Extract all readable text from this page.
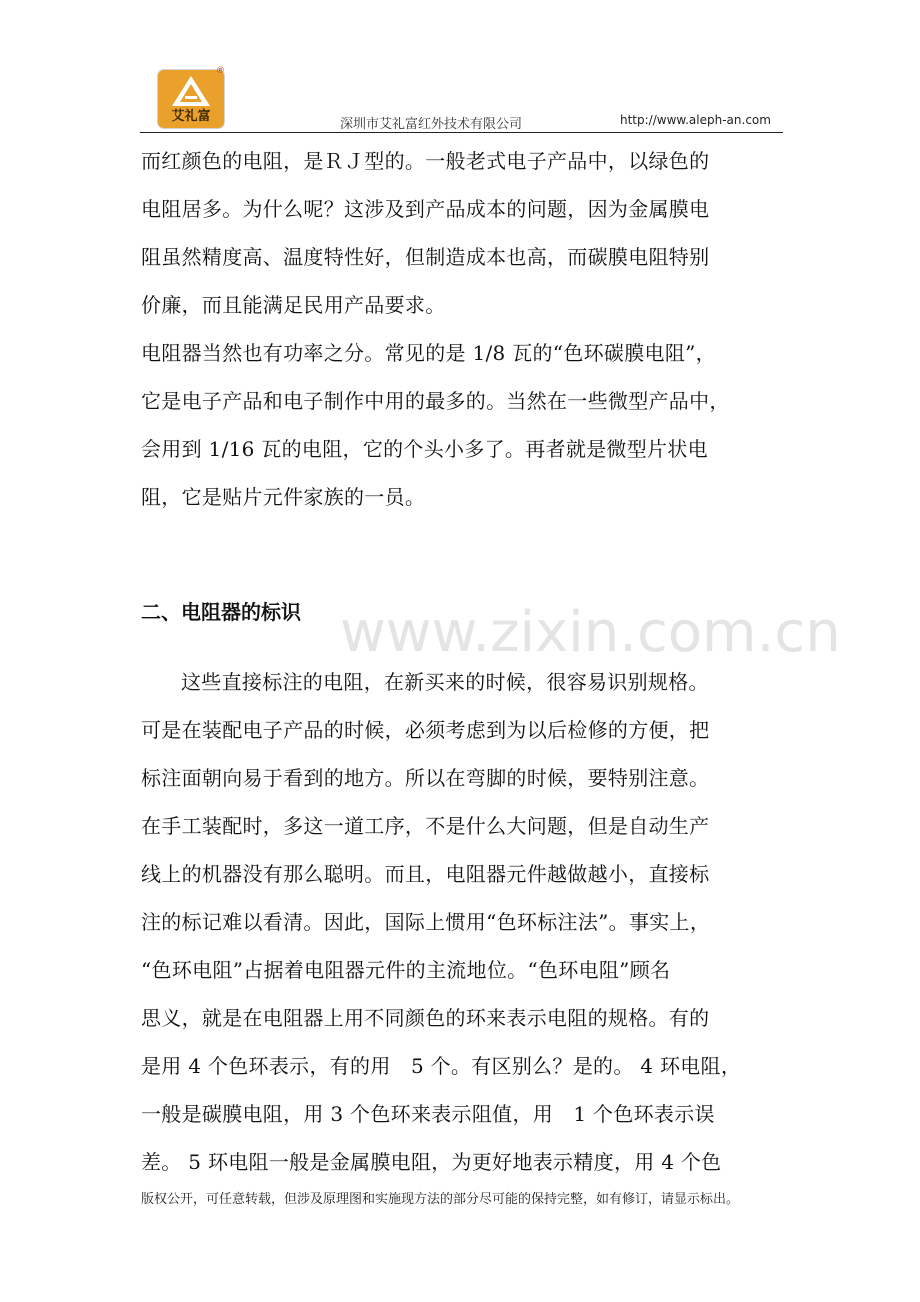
艾礼富
®
深圳市艾礼富红外技术有限公司	http://www.aleph-an.com
而红颜色的电阻，是ＲＪ型的。一般老式电子产品中，以绿色的
电阻居多。为什么呢？这涉及到产品成本的问题，因为金属膜电
阻虽然精度高、温度特性好，但制造成本也高，而碳膜电阻特别
价廉，而且能满足民用产品要求。
电阻器当然也有功率之分。常见的是 1/8 瓦的“色环碳膜电阻”，
它是电子产品和电子制作中用的最多的。当然在一些微型产品中，
会用到 1/16 瓦的电阻，它的个头小多了。再者就是微型片状电
阻，它是贴片元件家族的一员。
二、电阻器的标识 www.zixin.com.cn
这些直接标注的电阻，在新买来的时候，很容易识别规格。
可是在装配电子产品的时候，必须考虑到为以后检修的方便，把
标注面朝向易于看到的地方。所以在弯脚的时候，要特别注意。
在手工装配时，多这一道工序，不是什么大问题，但是自动生产
线上的机器没有那么聪明。而且，电阻器元件越做越小，直接标
注的标记难以看清。因此，国际上惯用“色环标注法”。事实上，
“色环电阻”占据着电阻器元件的主流地位。“色环电阻”顾名
思义，就是在电阻器上用不同颜色的环来表示电阻的规格。有的
是用 4 个色环表示，有的用　5 个。有区别么？是的。 4 环电阻，
一般是碳膜电阻，用 3 个色环来表示阻值，用　1 个色环表示误
差。 5 环电阻一般是金属膜电阻，为更好地表示精度，用 4 个色
版权公开，可任意转载，但涉及原理图和实施现方法的部分尽可能的保持完整，如有修订，请显示标出。
